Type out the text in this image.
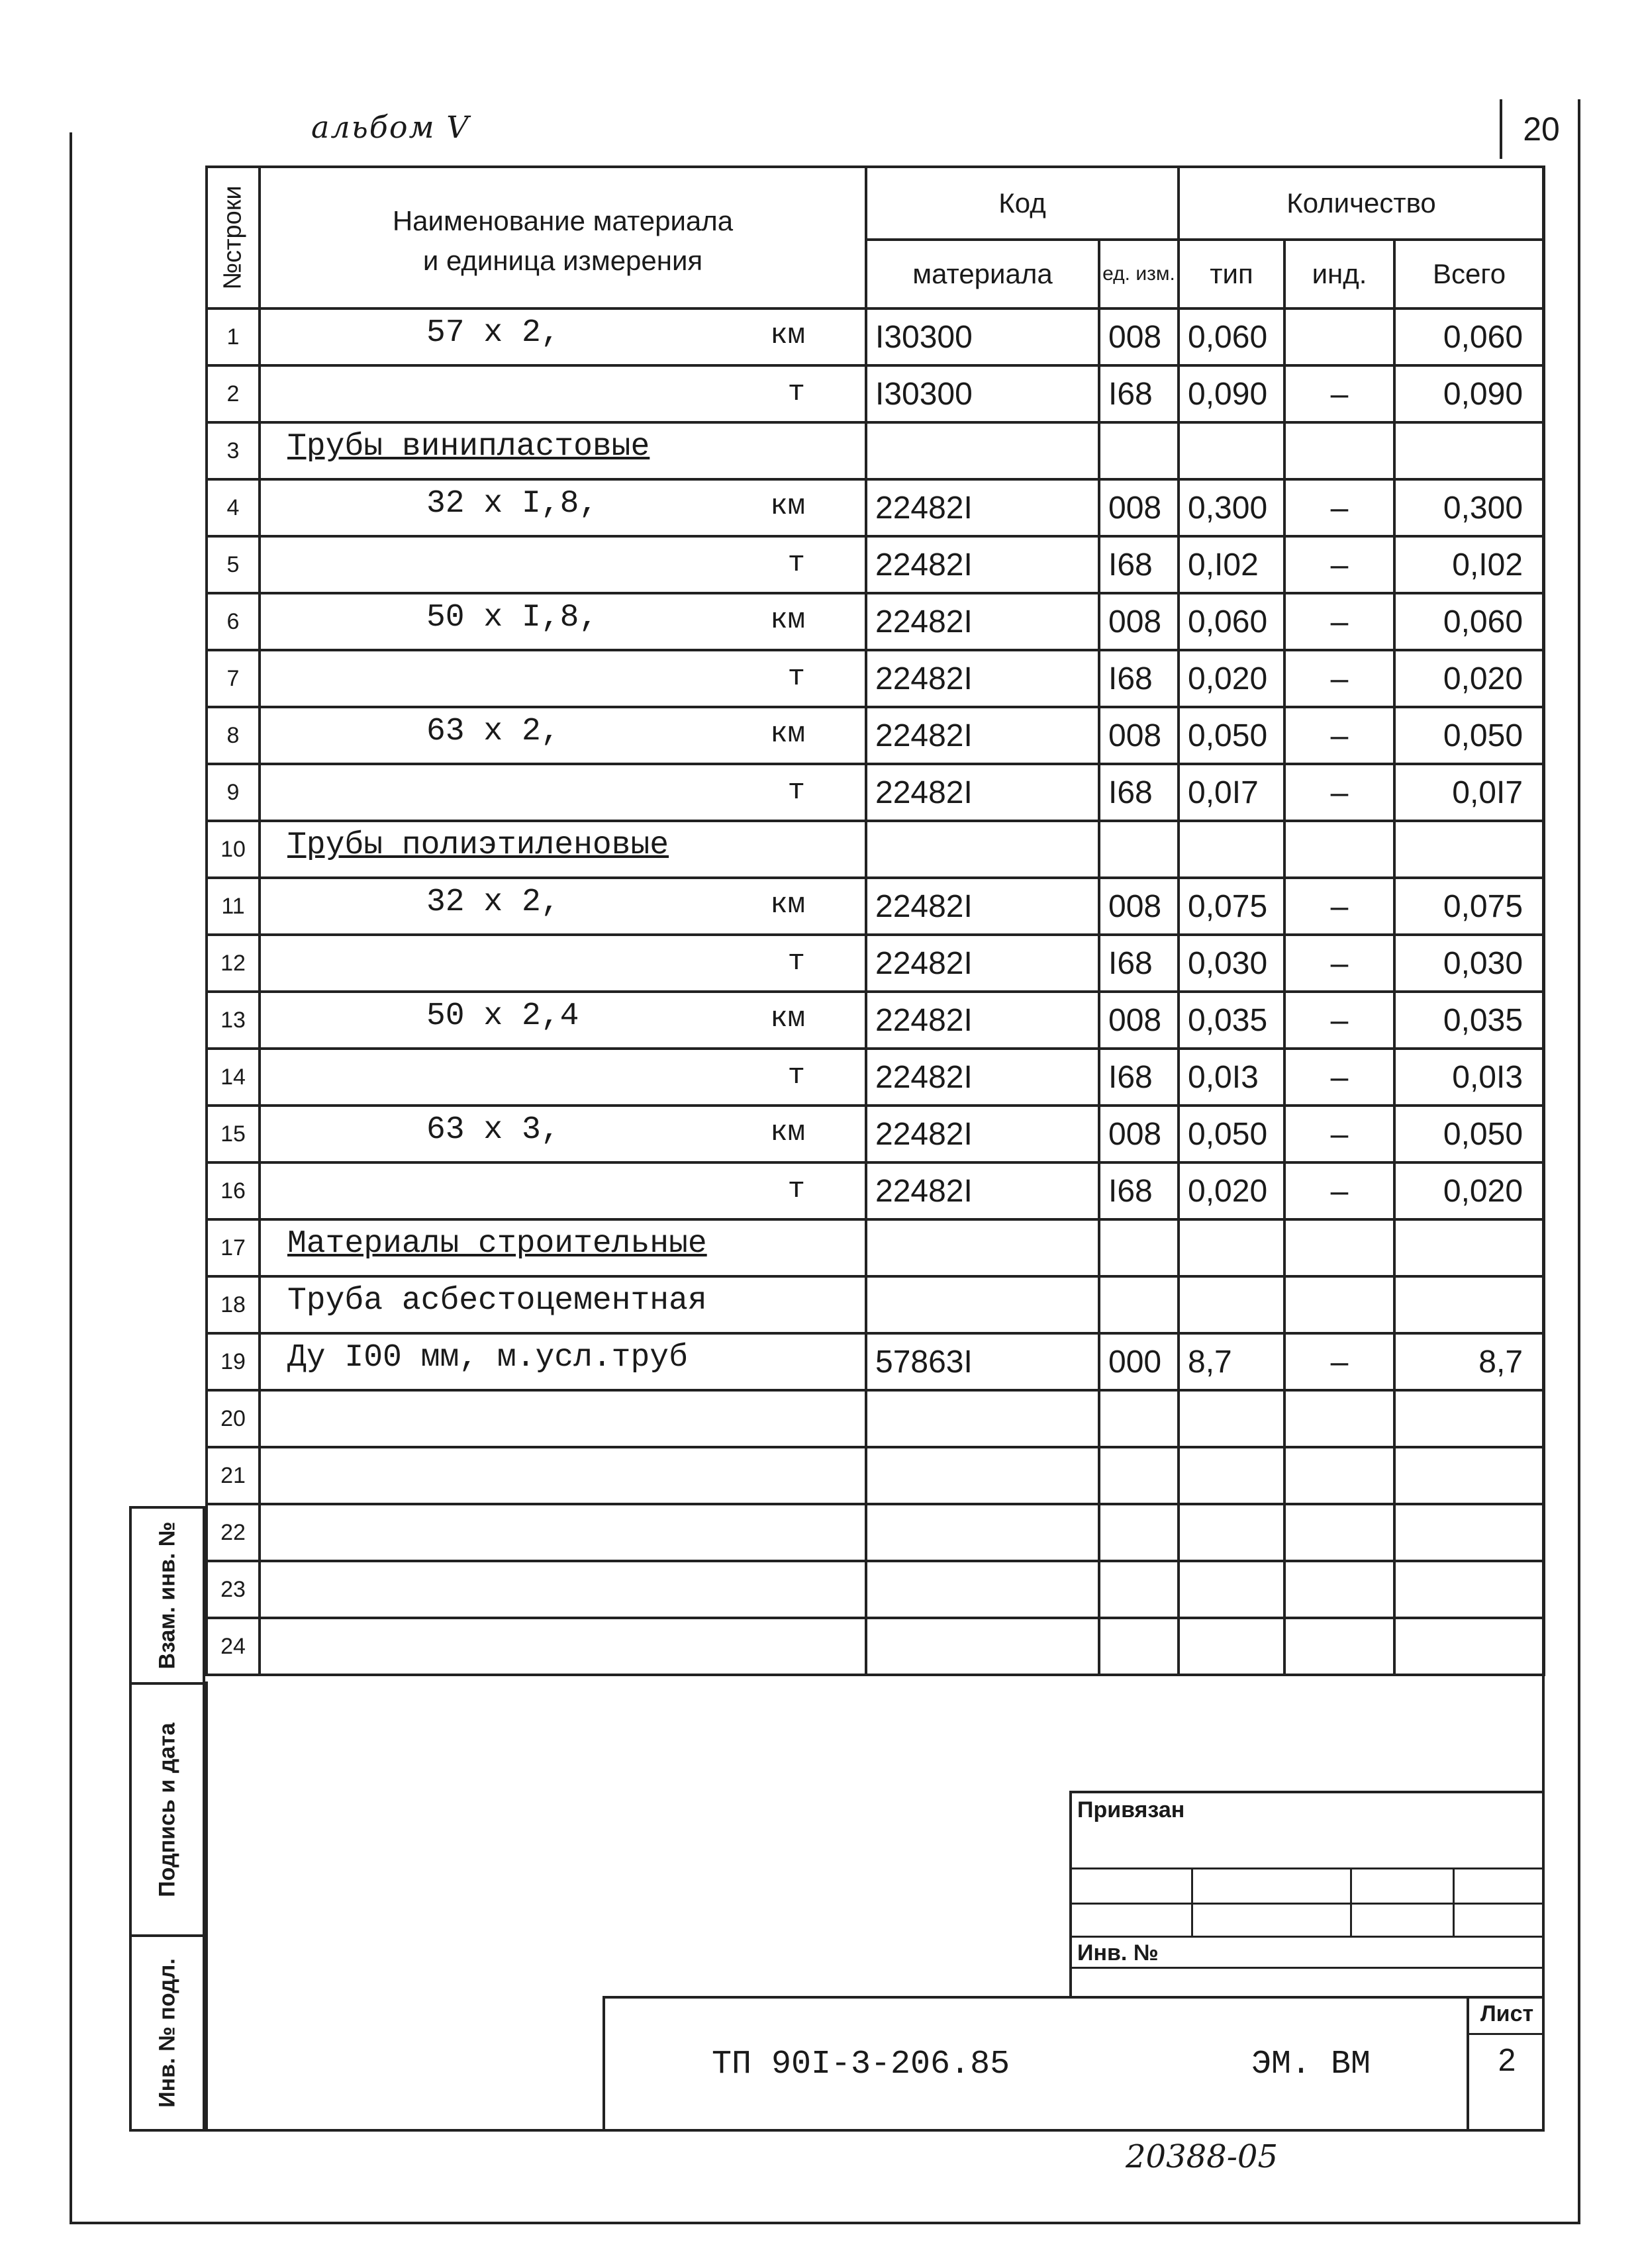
альбом V	20
№строки	Наименование материала
и единица измерения	Код		Количество		
		материала	ед. изм.	тип	инд.	Всего
1	57 x 2, км	I30300	008	0,060		0,060
2	т	I30300	I68	0,090	–	0,090
3	Трубы винипластовые					

4	32 x I,8, км	22482I	008	0,300	–	0,300
5	т	22482I	I68	0,I02	–	0,I02
6	50 x I,8, км	22482I	008	0,060	–	0,060
7	т	22482I	I68	0,020	–	0,020
8	63 x 2, км	22482I	008	0,050	–	0,050
9	т	22482I	I68	0,0I7	–	0,0I7
10	Трубы полиэтиленовые					

11	32 x 2, км	22482I	008	0,075	–	0,075
12	т	22482I	I68	0,030	–	0,030
13	50 x 2,4 км	22482I	008	0,035	–	0,035
14	т	22482I	I68	0,0I3	–	0,0I3
15	63 x 3, км	22482I	008	0,050	–	0,050
16	т	22482I	I68	0,020	–	0,020
17	Материалы строительные					

18	Труба асбестоцементная					

19	Ду I00 мм, м.усл.труб	57863I	000	8,7	–	8,7
20	

21	

22	

23	

24	

Взам. инв. №
Подпись и дата
Инв. № подл.
Привязан
Инв. №
ТП 90I-3-206.85	ЭМ. ВМ
Лист
2
20388-05
